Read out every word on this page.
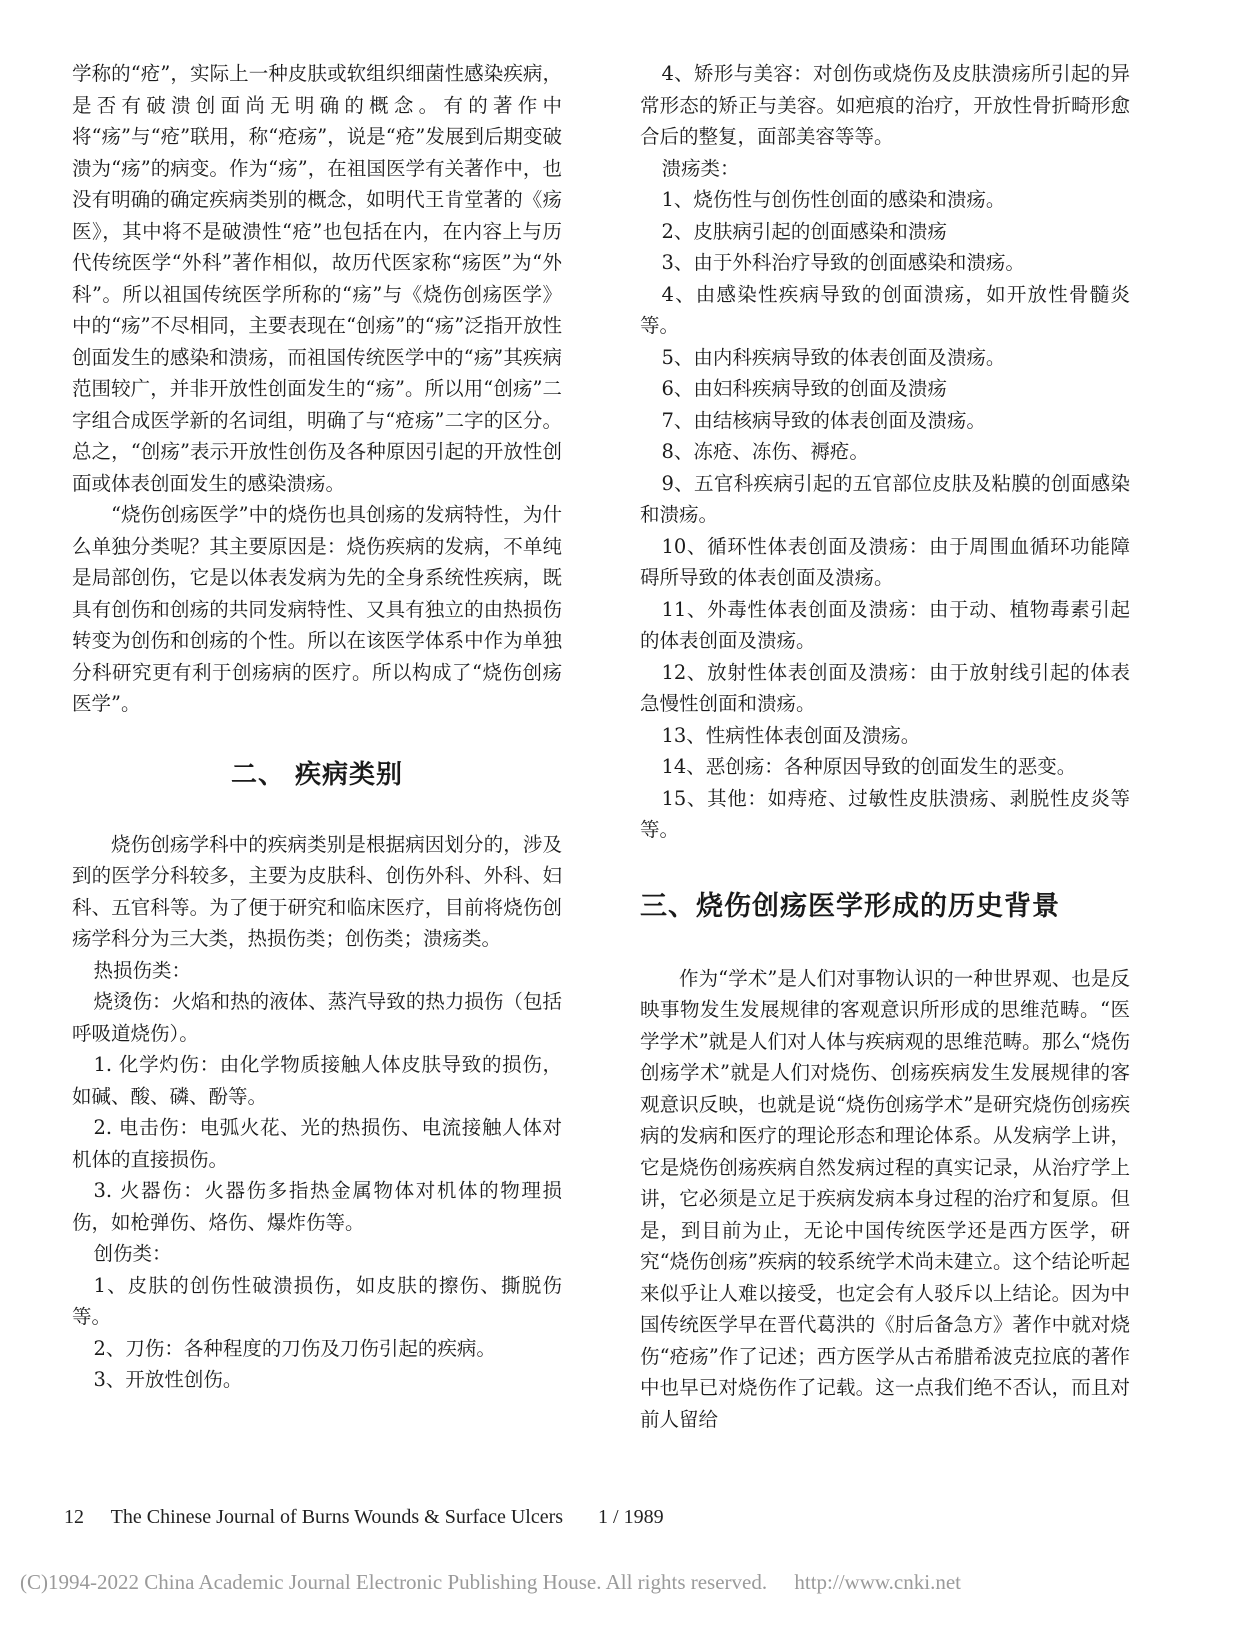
学称的“疮”，实际上一种皮肤或软组织细菌性感染疾病，是否有破溃创面尚无明确的概念。有的著作中将“疡”与“疮”联用，称“疮疡”，说是“疮”发展到后期变破溃为“疡”的病变。作为“疡”，在祖国医学有关著作中，也没有明确的确定疾病类别的概念，如明代王肯堂著的《疡医》，其中将不是破溃性“疮”也包括在内，在内容上与历代传统医学“外科”著作相似，故历代医家称“疡医”为“外科”。所以祖国传统医学所称的“疡”与《烧伤创疡医学》中的“疡”不尽相同，主要表现在“创疡”的“疡”泛指开放性创面发生的感染和溃疡，而祖国传统医学中的“疡”其疾病范围较广，并非开放性创面发生的“疡”。所以用“创疡”二字组合成医学新的名词组，明确了与“疮疡”二字的区分。总之，“创疡”表示开放性创伤及各种原因引起的开放性创面或体表创面发生的感染溃疡。

“烧伤创疡医学”中的烧伤也具创疡的发病特性，为什么单独分类呢？其主要原因是：烧伤疾病的发病，不单纯是局部创伤，它是以体表发病为先的全身系统性疾病，既具有创伤和创疡的共同发病特性、又具有独立的由热损伤转变为创伤和创疡的个性。所以在该医学体系中作为单独分科研究更有利于创疡病的医疗。所以构成了“烧伤创疡医学”。

二、 疾病类别

烧伤创疡学科中的疾病类别是根据病因划分的，涉及到的医学分科较多，主要为皮肤科、创伤外科、外科、妇科、五官科等。为了便于研究和临床医疗，目前将烧伤创疡学科分为三大类，热损伤类；创伤类；溃疡类。

热损伤类：

烧烫伤：火焰和热的液体、蒸汽导致的热力损伤（包括呼吸道烧伤）。

1. 化学灼伤：由化学物质接触人体皮肤导致的损伤，如碱、酸、磷、酚等。

2. 电击伤：电弧火花、光的热损伤、电流接触人体对机体的直接损伤。

3. 火器伤：火器伤多指热金属物体对机体的物理损伤，如枪弹伤、烙伤、爆炸伤等。

创伤类：

1、皮肤的创伤性破溃损伤，如皮肤的擦伤、撕脱伤等。

2、刀伤：各种程度的刀伤及刀伤引起的疾病。

3、开放性创伤。

4、矫形与美容：对创伤或烧伤及皮肤溃疡所引起的异常形态的矫正与美容。如疤痕的治疗，开放性骨折畸形愈合后的整复，面部美容等等。

溃疡类：

1、烧伤性与创伤性创面的感染和溃疡。

2、皮肤病引起的创面感染和溃疡

3、由于外科治疗导致的创面感染和溃疡。

4、由感染性疾病导致的创面溃疡，如开放性骨髓炎等。

5、由内科疾病导致的体表创面及溃疡。

6、由妇科疾病导致的创面及溃疡

7、由结核病导致的体表创面及溃疡。

8、冻疮、冻伤、褥疮。

9、五官科疾病引起的五官部位皮肤及粘膜的创面感染和溃疡。

10、循环性体表创面及溃疡：由于周围血循环功能障碍所导致的体表创面及溃疡。

11、外毒性体表创面及溃疡：由于动、植物毒素引起的体表创面及溃疡。

12、放射性体表创面及溃疡：由于放射线引起的体表急慢性创面和溃疡。

13、性病性体表创面及溃疡。

14、恶创疡：各种原因导致的创面发生的恶变。

15、其他：如痔疮、过敏性皮肤溃疡、剥脱性皮炎等等。

三、烧伤创疡医学形成的历史背景

作为“学术”是人们对事物认识的一种世界观、也是反映事物发生发展规律的客观意识所形成的思维范畴。“医学学术”就是人们对人体与疾病观的思维范畴。那么“烧伤创疡学术”就是人们对烧伤、创疡疾病发生发展规律的客观意识反映，也就是说“烧伤创疡学术”是研究烧伤创疡疾病的发病和医疗的理论形态和理论体系。从发病学上讲，它是烧伤创疡疾病自然发病过程的真实记录，从治疗学上讲，它必须是立足于疾病发病本身过程的治疗和复原。但是，到目前为止，无论中国传统医学还是西方医学，研究“烧伤创疡”疾病的较系统学术尚未建立。这个结论听起来似乎让人难以接受，也定会有人驳斥以上结论。因为中国传统医学早在晋代葛洪的《肘后备急方》著作中就对烧伤“疮疡”作了记述；西方医学从古希腊希波克拉底的著作中也早已对烧伤作了记载。这一点我们绝不否认，而且对前人留给

12 The Chinese Journal of Burns Wounds & Surface Ulcers 1 / 1989
(C)1994-2022 China Academic Journal Electronic Publishing House. All rights reserved. http://www.cnki.net
